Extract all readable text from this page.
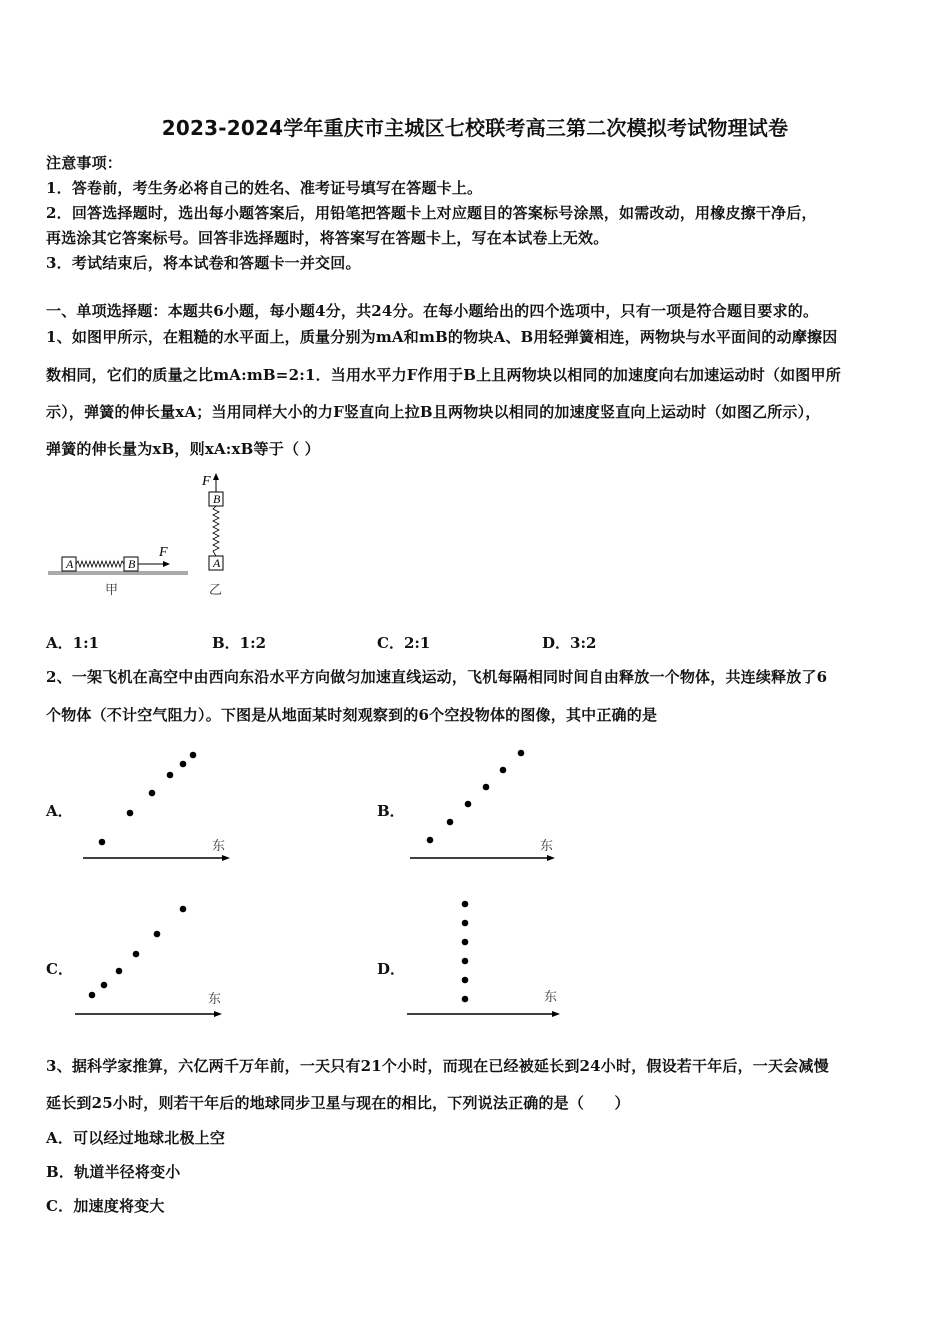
2023-2024学年重庆市主城区七校联考高三第二次模拟考试物理试卷
注意事项：
1．答卷前，考生务必将自己的姓名、准考证号填写在答题卡上。
2．回答选择题时，选出每小题答案后，用铅笔把答题卡上对应题目的答案标号涂黑，如需改动，用橡皮擦干净后，
再选涂其它答案标号。回答非选择题时，将答案写在答题卡上，写在本试卷上无效。
3．考试结束后，将本试卷和答题卡一并交回。
一、单项选择题：本题共6小题，每小题4分，共24分。在每小题给出的四个选项中，只有一项是符合题目要求的。
1、如图甲所示，在粗糙的水平面上，质量分别为mA和mB的物块A、B用轻弹簧相连，两物块与水平面间的动摩擦因
数相同，它们的质量之比mA:mB=2:1．当用水平力F作用于B上且两物块以相同的加速度向右加速运动时（如图甲所
示），弹簧的伸长量xA；当用同样大小的力F竖直向上拉B且两物块以相同的加速度竖直向上运动时（如图乙所示），
弹簧的伸长量为xB，则xA:xB等于（ ）
A	B
F
甲
B
A
F
乙
东	东
东	东
A．1:1	B．1:2	C．2:1	D．3:2
2、一架飞机在高空中由西向东沿水平方向做匀加速直线运动，飞机每隔相同时间自由释放一个物体，共连续释放了6
个物体（不计空气阻力）。下图是从地面某时刻观察到的6个空投物体的图像，其中正确的是
A．	B．
C．	D．
3、据科学家推算，六亿两千万年前，一天只有21个小时，而现在已经被延长到24小时，假设若干年后，一天会减慢
延长到25小时，则若干年后的地球同步卫星与现在的相比，下列说法正确的是（　　）
A．可以经过地球北极上空
B．轨道半径将变小
C．加速度将变大
